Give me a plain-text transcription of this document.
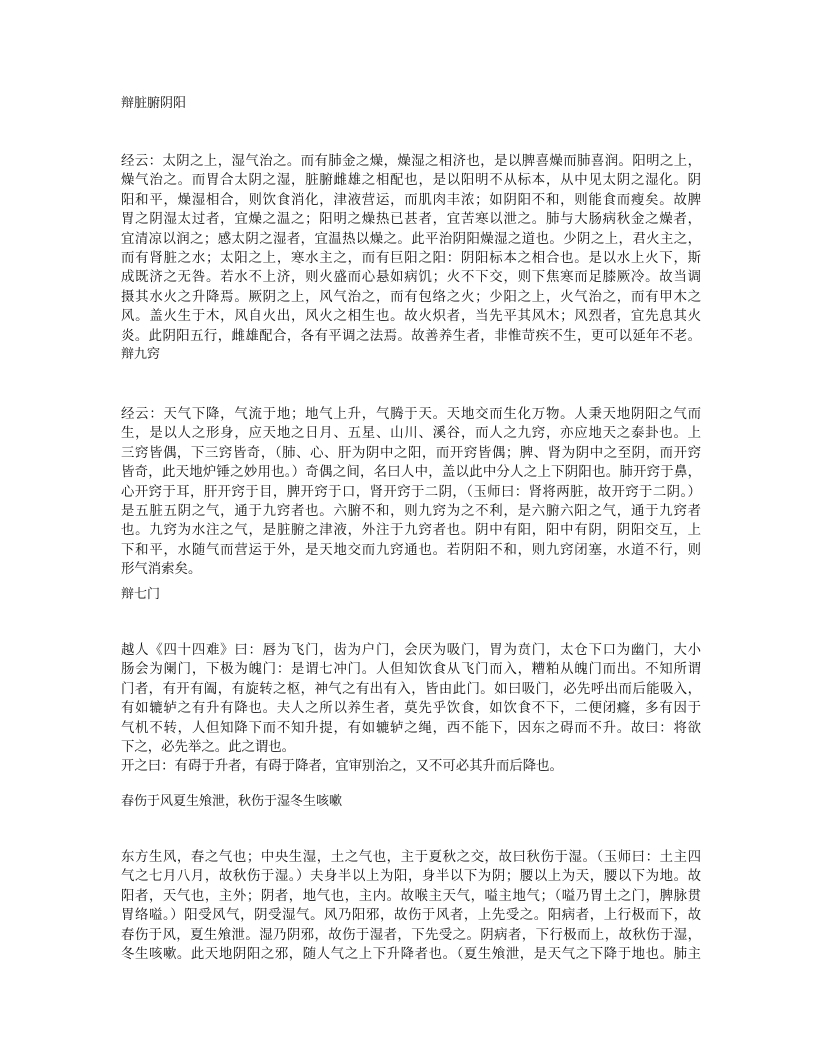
辩脏腑阴阳
经云：太阴之上，湿气治之。而有肺金之燥，燥湿之相济也，是以脾喜燥而肺喜润。阳明之上，
燥气治之。而胃合太阴之湿，脏腑雌雄之相配也，是以阳明不从标本，从中见太阴之湿化。阴
阳和平，燥湿相合，则饮食消化，津液营运，而肌肉丰浓；如阴阳不和，则能食而瘦矣。故脾
胃之阴湿太过者，宜燥之温之；阳明之燥热已甚者，宜苦寒以泄之。肺与大肠病秋金之燥者，
宜清凉以润之；感太阴之湿者，宜温热以燥之。此平治阴阳燥湿之道也。少阴之上，君火主之，
而有肾脏之水；太阳之上，寒水主之，而有巨阳之阳：阴阳标本之相合也。是以水上火下，斯
成既济之无咎。若水不上济，则火盛而心悬如病饥；火不下交，则下焦寒而足膝厥冷。故当调
摄其水火之升降焉。厥阴之上，风气治之，而有包络之火；少阳之上，火气治之，而有甲木之
风。盖火生于木，风自火出，风火之相生也。故火炽者，当先平其风木；风烈者，宜先息其火
炎。此阴阳五行，雌雄配合，各有平调之法焉。故善养生者，非惟苛疾不生，更可以延年不老。
辩九窍
经云：天气下降，气流于地；地气上升，气腾于天。天地交而生化万物。人秉天地阴阳之气而
生，是以人之形身，应天地之日月、五星、山川、溪谷，而人之九窍，亦应地天之泰卦也。上
三窍皆偶，下三窍皆奇，（肺、心、肝为阴中之阳，而开窍皆偶；脾、肾为阴中之至阴，而开窍
皆奇，此天地炉锤之妙用也。）奇偶之间，名曰人中，盖以此中分人之上下阴阳也。肺开窍于鼻，
心开窍于耳，肝开窍于目，脾开窍于口，肾开窍于二阴，（玉师曰：肾将两脏，故开窍于二阴。）
是五脏五阴之气，通于九窍者也。六腑不和，则九窍为之不利，是六腑六阳之气，通于九窍者
也。九窍为水注之气，是脏腑之津液，外注于九窍者也。阴中有阳，阳中有阴，阴阳交互，上
下和平，水随气而营运于外，是天地交而九窍通也。若阴阳不和，则九窍闭塞，水道不行，则
形气消索矣。
辩七门
越人《四十四难》曰：唇为飞门，齿为户门，会厌为吸门，胃为贲门，太仓下口为幽门，大小
肠会为阑门，下极为魄门：是谓七冲门。人但知饮食从飞门而入，糟粕从魄门而出。不知所谓
门者，有开有阖，有旋转之枢，神气之有出有入，皆由此门。如曰吸门，必先呼出而后能吸入，
有如辘轳之有升有降也。夫人之所以养生者，莫先乎饮食，如饮食不下，二便闭癃，多有因于
气机不转，人但知降下而不知升提，有如辘轳之绳，西不能下，因东之碍而不升。故曰：将欲
下之，必先举之。此之谓也。
开之曰：有碍于升者，有碍于降者，宜审别治之，又不可必其升而后降也。
春伤于风夏生飧泄，秋伤于湿冬生咳嗽
东方生风，春之气也；中央生湿，土之气也，主于夏秋之交，故曰秋伤于湿。（玉师曰：土主四
气之七月八月，故秋伤于湿。）夫身半以上为阳，身半以下为阴；腰以上为天，腰以下为地。故
阳者，天气也，主外；阴者，地气也，主内。故喉主天气，嗌主地气；（嗌乃胃土之门，脾脉贯
胃络嗌。）阳受风气，阴受湿气。风乃阳邪，故伤于风者，上先受之。阳病者，上行极而下，故
春伤于风，夏生飧泄。湿乃阴邪，故伤于湿者，下先受之。阴病者，下行极而上，故秋伤于湿，
冬生咳嗽。此天地阴阳之邪，随人气之上下升降者也。（夏生飧泄，是天气之下降于地也。肺主
